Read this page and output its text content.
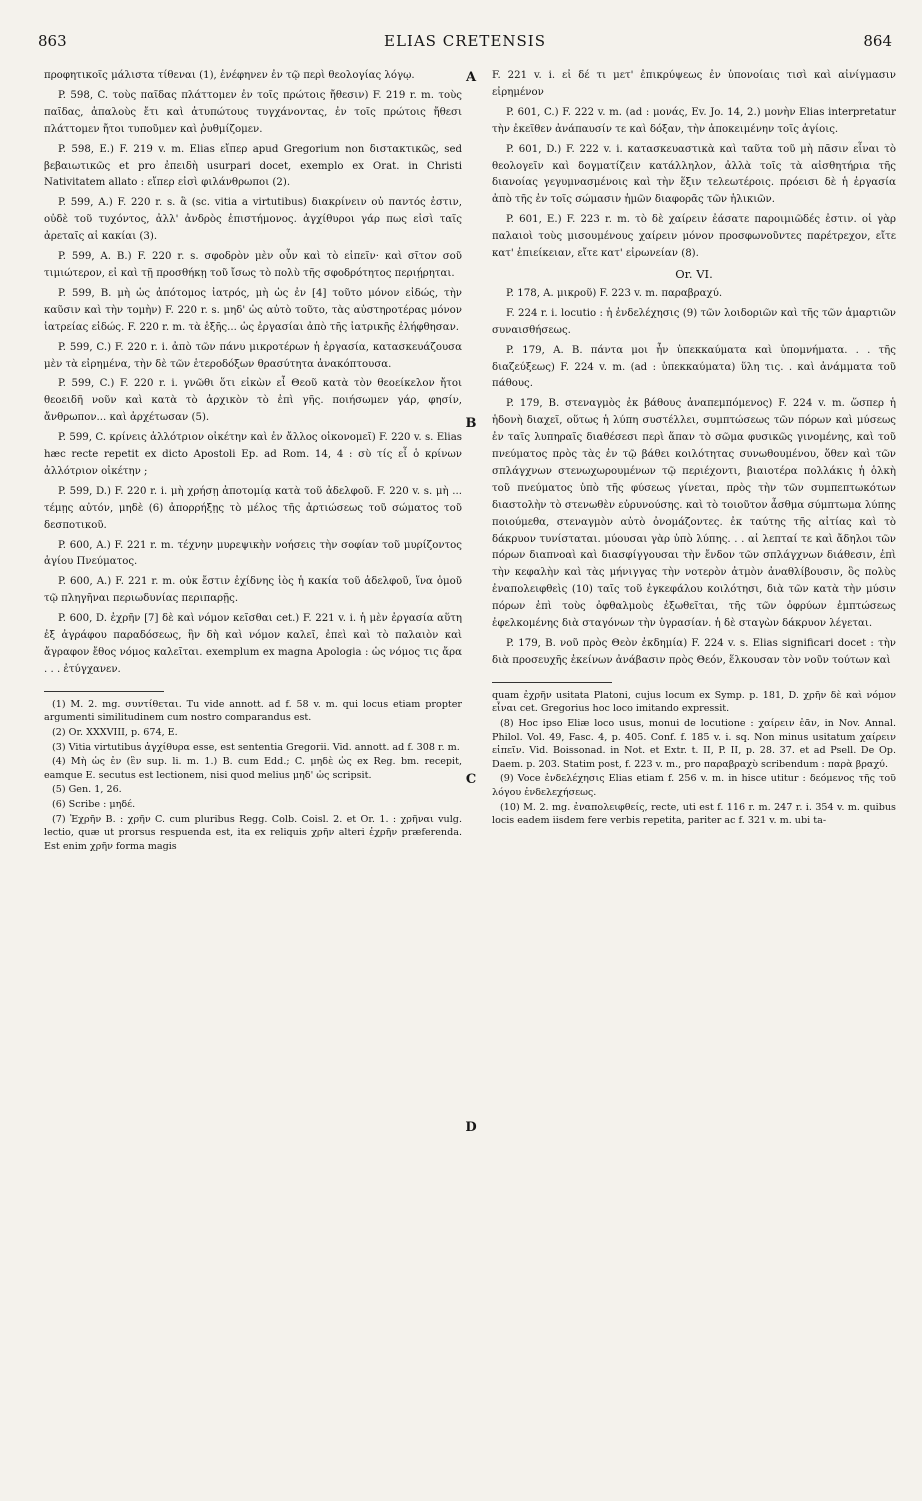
863	ELIAS CRETENSIS	864
A
B
C
D

προφητικοῖς μάλιστα τίθεναι (1), ἐνέφηνεν ἐν τῷ περὶ θεολογίας λόγῳ.

P. 598, C. τοὺς παῖδας πλάττομεν ἐν τοῖς πρώτοις ἤθεσιν) F. 219 r. m. τοὺς παῖδας, ἁπαλοὺς ἔτι καὶ ἀτυπώτους τυγχάνοντας, ἐν τοῖς πρώτοις ἤθεσι πλάττομεν ἤτοι τυποῦμεν καὶ ῥυθμίζομεν.

P. 598, E.) F. 219 v. m. Elias εἴπερ apud Gregorium non διστακτικῶς, sed βεβαιωτικῶς et pro ἐπειδὴ usurpari docet, exemplo ex Orat. in Christi Nativitatem allato : εἴπερ εἰσὶ φιλάνθρωποι (2).

P. 599, A.) F. 220 r. s. ἃ (sc. vitia a virtutibus) διακρίνειν οὐ παντός ἐστιν, οὐδὲ τοῦ τυχόντος, ἀλλ' ἀνδρὸς ἐπιστήμονος. ἀγχίθυροι γάρ πως εἰσὶ ταῖς ἀρεταῖς αἱ κακίαι (3).

P. 599, A. B.) F. 220 r. s. σφοδρὸν μὲν οὖν καὶ τὸ εἰπεῖν· καὶ σῖτον σοῦ τιμιώτερον, εἰ καὶ τῇ προσθήκῃ τοῦ ἴσως τὸ πολὺ τῆς σφοδρότητος περιῄρηται.

P. 599, B. μὴ ὡς ἀπότομος ἰατρός, μὴ ὡς ἐν [4] τοῦτο μόνον εἰδώς, τὴν καῦσιν καὶ τὴν τομὴν) F. 220 r. s. μηδ' ὡς αὐτὸ τοῦτο, τὰς αὐστηροτέρας μόνον ἰατρείας εἰδώς. F. 220 r. m. τὰ ἑξῆς... ὡς ἐργασίαι ἀπὸ τῆς ἰατρικῆς ἐλήφθησαν.

P. 599, C.) F. 220 r. i. ἀπὸ τῶν πάνυ μικροτέρων ἡ ἐργασία, κατασκευάζουσα μὲν τὰ εἰρημένα, τὴν δὲ τῶν ἑτεροδόξων θρασύτητα ἀνακόπτουσα.

P. 599, C.) F. 220 r. i. γνῶθι ὅτι εἰκὼν εἶ Θεοῦ κατὰ τὸν θεοείκελον ἤτοι θεοειδῆ νοῦν καὶ κατὰ τὸ ἀρχικὸν τὸ ἐπὶ γῆς. ποιήσωμεν γάρ, φησίν, ἄνθρωπον... καὶ ἀρχέτωσαν (5).

P. 599, C. κρίνεις ἀλλότριον οἰκέτην καὶ ἐν ἄλλος οἰκονομεῖ) F. 220 v. s. Elias hæc recte repetit ex dicto Apostoli Ep. ad Rom. 14, 4 : σὺ τίς εἶ ὁ κρίνων ἀλλότριον οἰκέτην ;

P. 599, D.) F. 220 r. i. μὴ χρήσῃ ἀποτομίᾳ κατὰ τοῦ ἀδελφοῦ. F. 220 v. s. μὴ ... τέμῃς αὐτόν, μηδὲ (6) ἀπορρήξῃς τὸ μέλος τῆς ἀρτιώσεως τοῦ σώματος τοῦ δεσποτικοῦ.

P. 600, A.) F. 221 r. m. τέχνην μυρεψικὴν νοήσεις τὴν σοφίαν τοῦ μυρίζοντος ἁγίου Πνεύματος.

P. 600, A.) F. 221 r. m. οὐκ ἔστιν ἐχίδνης ἰὸς ἡ κακία τοῦ ἀδελφοῦ, ἵνα ὁμοῦ τῷ πληγῆναι περιωδυνίας περιπαρῇς.

P. 600, D. ἐχρῆν [7] δὲ καὶ νόμον κεῖσθαι cet.) F. 221 v. i. ἡ μὲν ἐργασία αὕτη ἐξ ἀγράφου παραδόσεως, ἣν δὴ καὶ νόμον καλεῖ, ἐπεὶ καὶ τὸ παλαιὸν καὶ ἄγραφον ἔθος νόμος καλεῖται. exemplum ex magna Apologia : ὡς νόμος τις ἄρα . . . ἐτύγχανεν.

(1) M. 2. mg. συντίθεται. Tu vide annott. ad f. 58 v. m. qui locus etiam propter argumenti similitudinem cum nostro comparandus est.

(2) Or. XXXVIII, p. 674, E.

(3) Vitia virtutibus ἀγχίθυρα esse, est sententia Gregorii. Vid. annott. ad f. 308 r. m.

(4) Μὴ ὡς ἐν (ἓν sup. li. m. 1.) B. cum Edd.; C. μηδὲ ὡς ex Reg. bm. recepit, eamque E. secutus est lectionem, nisi quod melius μηδ' ὡς scripsit.

(5) Gen. 1, 26.

(6) Scribe : μηδέ.

(7) Ἐχρῆν B. : χρῆν C. cum pluribus Regg. Colb. Coisl. 2. et Or. 1. : χρῆναι vulg. lectio, quæ ut prorsus respuenda est, ita ex reliquis χρῆν alteri ἐχρῆν præferenda. Est enim χρῆν forma magis

F. 221 v. i. εἰ δέ τι μετ' ἐπικρύψεως ἐν ὑπονοίαις τισὶ καὶ αἰνίγμασιν εἰρημένον

P. 601, C.) F. 222 v. m. (ad : μονάς, Ev. Jo. 14, 2.) μονὴν Elias interpretatur τὴν ἐκεῖθεν ἀνάπαυσίν τε καὶ δόξαν, τὴν ἀποκειμένην τοῖς ἁγίοις.

P. 601, D.) F. 222 v. i. κατασκευαστικὰ καὶ ταῦτα τοῦ μὴ πᾶσιν εἶναι τὸ θεολογεῖν καὶ δογματίζειν κατάλληλον, ἀλλὰ τοῖς τὰ αἰσθητήρια τῆς διανοίας γεγυμνασμένοις καὶ τὴν ἕξιν τελεωτέροις. πρόεισι δὲ ἡ ἐργασία ἀπὸ τῆς ἐν τοῖς σώμασιν ἡμῶν διαφορᾶς τῶν ἡλικιῶν.

P. 601, E.) F. 223 r. m. τὸ δὲ χαίρειν ἐάσατε παροιμιῶδές ἐστιν. οἱ γὰρ παλαιοὶ τοὺς μισουμένους χαίρειν μόνον προσφωνοῦντες παρέτρεχον, εἴτε κατ' ἐπιείκειαν, εἴτε κατ' εἰρωνείαν (8).

Or. VI.

P. 178, A. μικροῦ) F. 223 v. m. παραβραχύ.

F. 224 r. i. locutio : ἡ ἐνδελέχησις (9) τῶν λοιδοριῶν καὶ τῆς τῶν ἁμαρτιῶν συναισθήσεως.

P. 179, A. B. πάντα μοι ἦν ὑπεκκαύματα καὶ ὑπομνήματα. . . τῆς διαζεύξεως) F. 224 v. m. (ad : ὑπεκκαύματα) ὕλη τις. . καὶ ἀνάμματα τοῦ πάθους.

P. 179, B. στεναγμὸς ἐκ βάθους ἀναπεμπόμενος) F. 224 v. m. ὥσπερ ἡ ἡδονὴ διαχεῖ, οὕτως ἡ λύπη συστέλλει, συμπτώσεως τῶν πόρων καὶ μύσεως ἐν ταῖς λυπηραῖς διαθέσεσι περὶ ἅπαν τὸ σῶμα φυσικῶς γινομένης, καὶ τοῦ πνεύματος πρὸς τὰς ἐν τῷ βάθει κοιλότητας συνωθουμένου, ὅθεν καὶ τῶν σπλάγχνων στενωχωρουμένων τῷ περιέχοντι, βιαιοτέρα πολλάκις ἡ ὁλκὴ τοῦ πνεύματος ὑπὸ τῆς φύσεως γίνεται, πρὸς τὴν τῶν συμπεπτωκότων διαστολὴν τὸ στενωθὲν εὐρυνούσης. καὶ τὸ τοιοῦτον ἆσθμα σύμπτωμα λύπης ποιούμεθα, στεναγμὸν αὐτὸ ὀνομάζοντες. ἐκ ταύτης τῆς αἰτίας καὶ τὸ δάκρυον τυνίσταται. μύουσαι γὰρ ὑπὸ λύπης. . . αἱ λεπταί τε καὶ ἄδηλοι τῶν πόρων διαπνοαὶ καὶ διασφίγγουσαι τὴν ἔνδον τῶν σπλάγχνων διάθεσιν, ἐπὶ τὴν κεφαλὴν καὶ τὰς μήνιγγας τὴν νοτερὸν ἀτμὸν ἀναθλίβουσιν, ὃς πολὺς ἐναπολειφθεὶς (10) ταῖς τοῦ ἐγκεφάλου κοιλότησι, διὰ τῶν κατὰ τὴν μύσιν πόρων ἐπὶ τοὺς ὀφθαλμοὺς ἐξωθεῖται, τῆς τῶν ὀφρύων ἐμπτώσεως ἐφελκομένης διὰ σταγόνων τὴν ὑγρασίαν. ἡ δὲ σταγὼν δάκρυον λέγεται.

P. 179, B. νοῦ πρὸς Θεὸν ἐκδημία) F. 224 v. s. Elias significari docet : τὴν διὰ προσευχῆς ἐκείνων ἀνάβασιν πρὸς Θεόν, ἕλκουσαν τὸν νοῦν τούτων καὶ

quam ἐχρῆν usitata Platoni, cujus locum ex Symp. p. 181, D. χρῆν δὲ καὶ νόμον εἶναι cet. Gregorius hoc loco imitando expressit.

(8) Hoc ipso Eliæ loco usus, monui de locutione : χαίρειν ἐᾶν, in Nov. Annal. Philol. Vol. 49, Fasc. 4, p. 405. Conf. f. 185 v. i. sq. Non minus usitatum χαίρειν εἰπεῖν. Vid. Boissonad. in Not. et Extr. t. II, P. II, p. 28. 37. et ad Psell. De Op. Daem. p. 203. Statim post, f. 223 v. m., pro παραβραχὺ scribendum : παρὰ βραχύ.

(9) Voce ἐνδελέχησις Elias etiam f. 256 v. m. in hisce utitur : δεόμενος τῆς τοῦ λόγου ἐνδελεχήσεως.

(10) M. 2. mg. ἐναπολειφθείς, recte, uti est f. 116 r. m. 247 r. i. 354 v. m. quibus locis eadem iisdem fere verbis repetita, pariter ac f. 321 v. m. ubi ta-
